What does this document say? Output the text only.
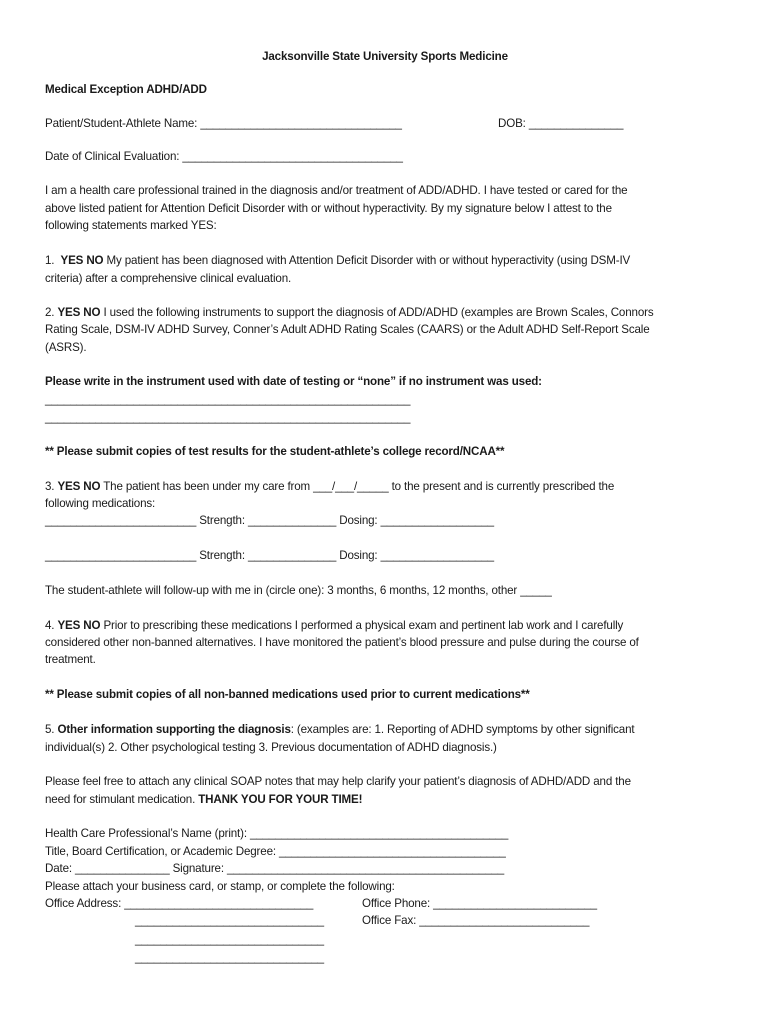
Jacksonville State University Sports Medicine
Medical Exception ADHD/ADD
Patient/Student-Athlete Name: ________________________________	DOB: _______________
Date of Clinical Evaluation: ___________________________________
I am a health care professional trained in the diagnosis and/or treatment of ADD/ADHD. I have tested or cared for the
above listed patient for Attention Deficit Disorder with or without hyperactivity. By my signature below I attest to the
following statements marked YES:
1.  YES NO My patient has been diagnosed with Attention Deficit Disorder with or without hyperactivity (using DSM-IV
criteria) after a comprehensive clinical evaluation.
2. YES NO I used the following instruments to support the diagnosis of ADD/ADHD (examples are Brown Scales, Connors
Rating Scale, DSM-IV ADHD Survey, Conner’s Adult ADHD Rating Scales (CAARS) or the Adult ADHD Self-Report Scale
(ASRS).
Please write in the instrument used with date of testing or “none” if no instrument was used:
__________________________________________________________
__________________________________________________________
** Please submit copies of test results for the student-athlete’s college record/NCAA**
3. YES NO The patient has been under my care from ___/___/_____ to the present and is currently prescribed the
following medications:
________________________ Strength: ______________ Dosing: __________________
________________________ Strength: ______________ Dosing: __________________
The student-athlete will follow-up with me in (circle one): 3 months, 6 months, 12 months, other _____
4. YES NO Prior to prescribing these medications I performed a physical exam and pertinent lab work and I carefully
considered other non-banned alternatives. I have monitored the patient’s blood pressure and pulse during the course of
treatment.
** Please submit copies of all non-banned medications used prior to current medications**
5. Other information supporting the diagnosis: (examples are: 1. Reporting of ADHD symptoms by other significant
individual(s) 2. Other psychological testing 3. Previous documentation of ADHD diagnosis.)
Please feel free to attach any clinical SOAP notes that may help clarify your patient’s diagnosis of ADHD/ADD and the
need for stimulant medication. THANK YOU FOR YOUR TIME!
Health Care Professional’s Name (print): _________________________________________
Title, Board Certification, or Academic Degree: ____________________________________
Date: _______________ Signature: ____________________________________________
Please attach your business card, or stamp, or complete the following:
Office Address: ______________________________	Office Phone: __________________________
______________________________	Office Fax: ___________________________
______________________________
______________________________
